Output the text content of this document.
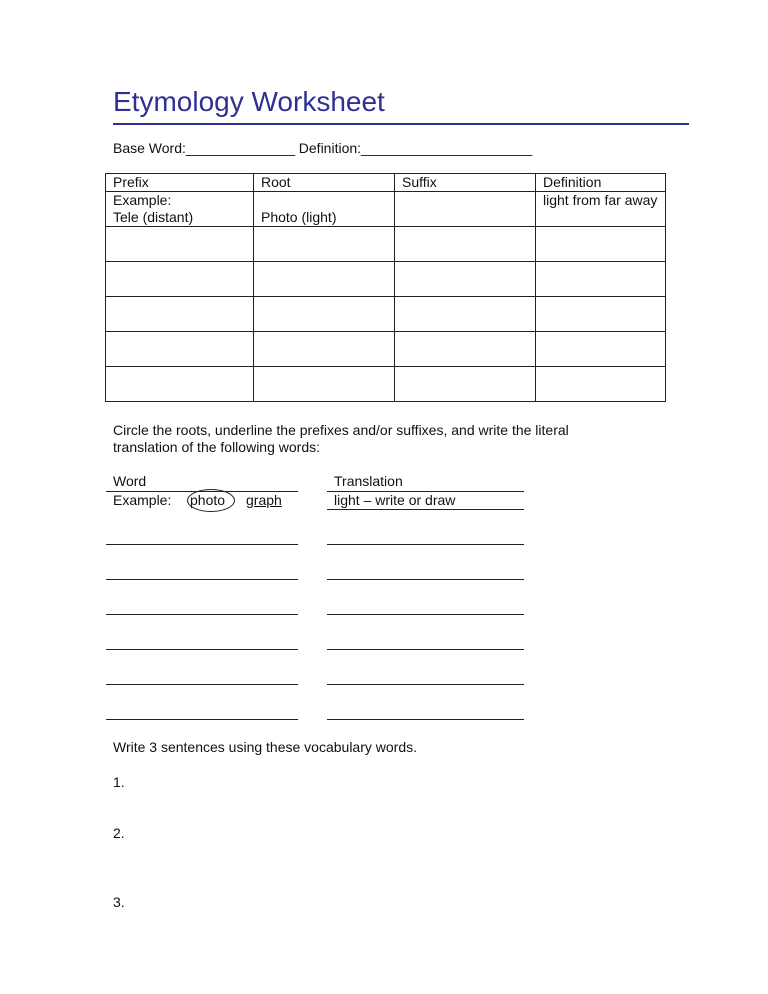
Etymology Worksheet
Base Word:______________ Definition:______________________
Prefix	Root	Suffix	Definition

Example:
Tele (distant)	Photo (light)		light from far away

Circle the roots, underline the prefixes and/or suffixes, and write the literal translation of the following words:
Word	Translation
Example: photo graph	light – write or draw
Write 3 sentences using these vocabulary words.
1.
2.
3.
